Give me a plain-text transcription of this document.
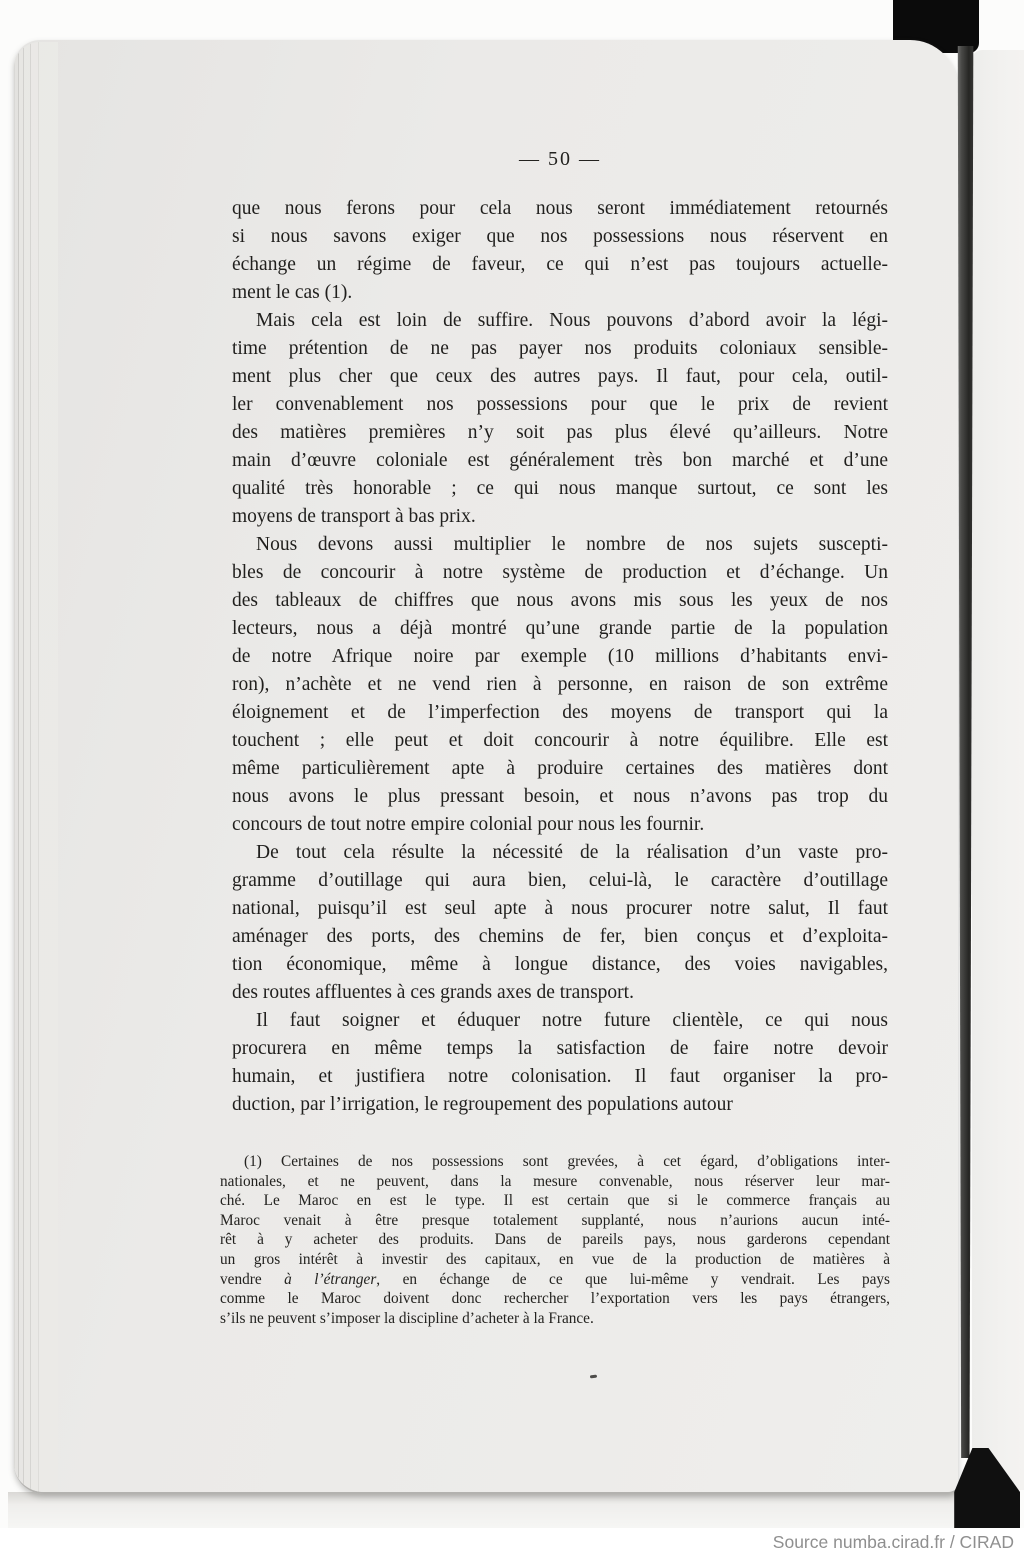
— 50 —
que nous ferons pour cela nous seront immédiatement retournés
si nous savons exiger que nos possessions nous réservent en
échange un régime de faveur, ce qui n’est pas toujours actuelle-
ment le cas (1).
Mais cela est loin de suffire. Nous pouvons d’abord avoir la légi-
time prétention de ne pas payer nos produits coloniaux sensible-
ment plus cher que ceux des autres pays. Il faut, pour cela, outil-
ler convenablement nos possessions pour que le prix de revient
des matières premières n’y soit pas plus élevé qu’ailleurs. Notre
main d’œuvre coloniale est généralement très bon marché et d’une
qualité très honorable ; ce qui nous manque surtout, ce sont les
moyens de transport à bas prix.
Nous devons aussi multiplier le nombre de nos sujets suscepti-
bles de concourir à notre système de production et d’échange. Un
des tableaux de chiffres que nous avons mis sous les yeux de nos
lecteurs, nous a déjà montré qu’une grande partie de la population
de notre Afrique noire par exemple (10 millions d’habitants envi-
ron), n’achète et ne vend rien à personne, en raison de son extrême
éloignement et de l’imperfection des moyens de transport qui la
touchent ; elle peut et doit concourir à notre équilibre. Elle est
même particulièrement apte à produire certaines des matières dont
nous avons le plus pressant besoin, et nous n’avons pas trop du
concours de tout notre empire colonial pour nous les fournir.
De tout cela résulte la nécessité de la réalisation d’un vaste pro-
gramme d’outillage qui aura bien, celui-là, le caractère d’outillage
national, puisqu’il est seul apte à nous procurer notre salut, Il faut
aménager des ports, des chemins de fer, bien conçus et d’exploita-
tion économique, même à longue distance, des voies navigables,
des routes affluentes à ces grands axes de transport.
Il faut soigner et éduquer notre future clientèle, ce qui nous
procurera en même temps la satisfaction de faire notre devoir
humain, et justifiera notre colonisation. Il faut organiser la pro-
duction, par l’irrigation, le regroupement des populations autour
(1) Certaines de nos possessions sont grevées, à cet égard, d’obligations inter-
nationales, et ne peuvent, dans la mesure convenable, nous réserver leur mar-
ché. Le Maroc en est le type. Il est certain que si le commerce français au
Maroc venait à être presque totalement supplanté, nous n’aurions aucun inté-
rêt à y acheter des produits. Dans de pareils pays, nous garderons cependant
un gros intérêt à investir des capitaux, en vue de la production de matières à
vendre à l’étranger, en échange de ce que lui-même y vendrait. Les pays
comme le Maroc doivent donc rechercher l’exportation vers les pays étrangers,
s’ils ne peuvent s’imposer la discipline d’acheter à la France.
Source numba.cirad.fr / CIRAD
